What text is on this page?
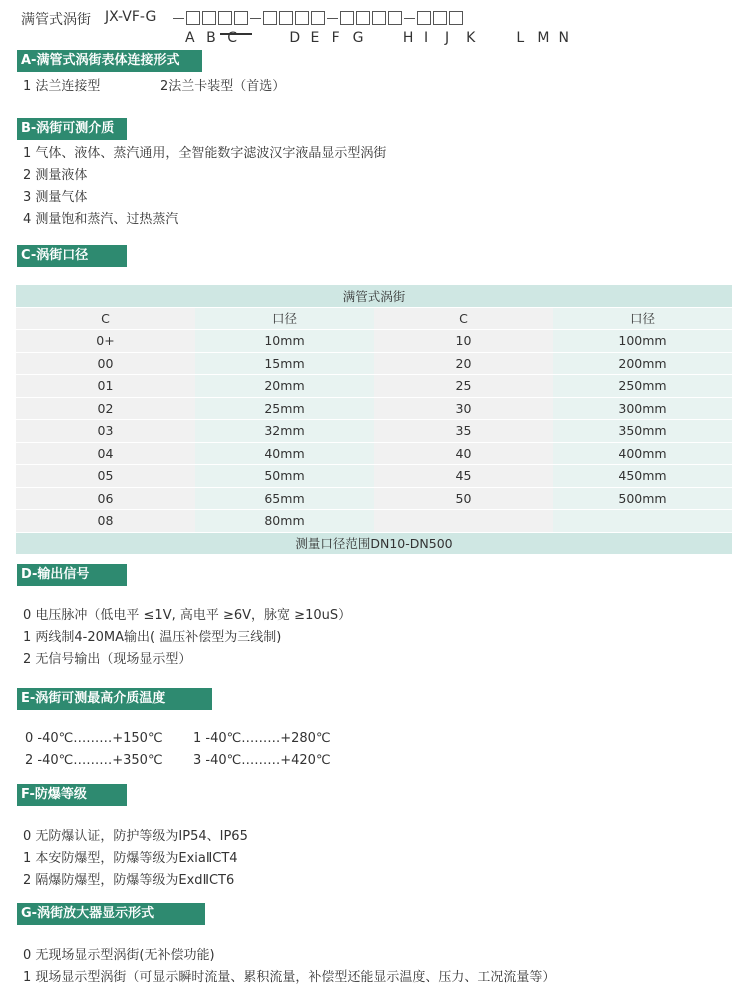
满管式涡街 JX-VF-G
A B C	D E F G	H I J K	L M N
A-满管式涡街表体连接形式
1 法兰连接型	2法兰卡装型（首选）
B-涡街可测介质
1 气体、液体、蒸汽通用，全智能数字滤波汉字液晶显示型涡街
2 测量液体
3 测量气体
4 测量饱和蒸汽、过热蒸汽
C-涡街口径
满管式涡街			
C	口径	C	口径
0+	10mm	10	100mm
00	15mm	20	200mm
01	20mm	25	250mm
02	25mm	30	300mm
03	32mm	35	350mm
04	40mm	40	400mm
05	50mm	45	450mm
06	65mm	50	500mm
08	80mm		
测量口径范围DN10-DN500			
D-输出信号
0 电压脉冲（低电平 ≤1V, 高电平 ≥6V，脉宽 ≥10uS）
1 两线制4-20MA输出( 温压补偿型为三线制)
2 无信号输出（现场显示型）
E-涡街可测最高介质温度
0 -40℃………+150℃ 1 -40℃………+280℃
2 -40℃………+350℃ 3 -40℃………+420℃
F-防爆等级
0 无防爆认证，防护等级为IP54、IP65
1 本安防爆型，防爆等级为ExiaⅡCT4
2 隔爆防爆型，防爆等级为ExdⅡCT6
G-涡街放大器显示形式
0 无现场显示型涡街(无补偿功能)
1 现场显示型涡街（可显示瞬时流量、累积流量，补偿型还能显示温度、压力、工况流量等）
